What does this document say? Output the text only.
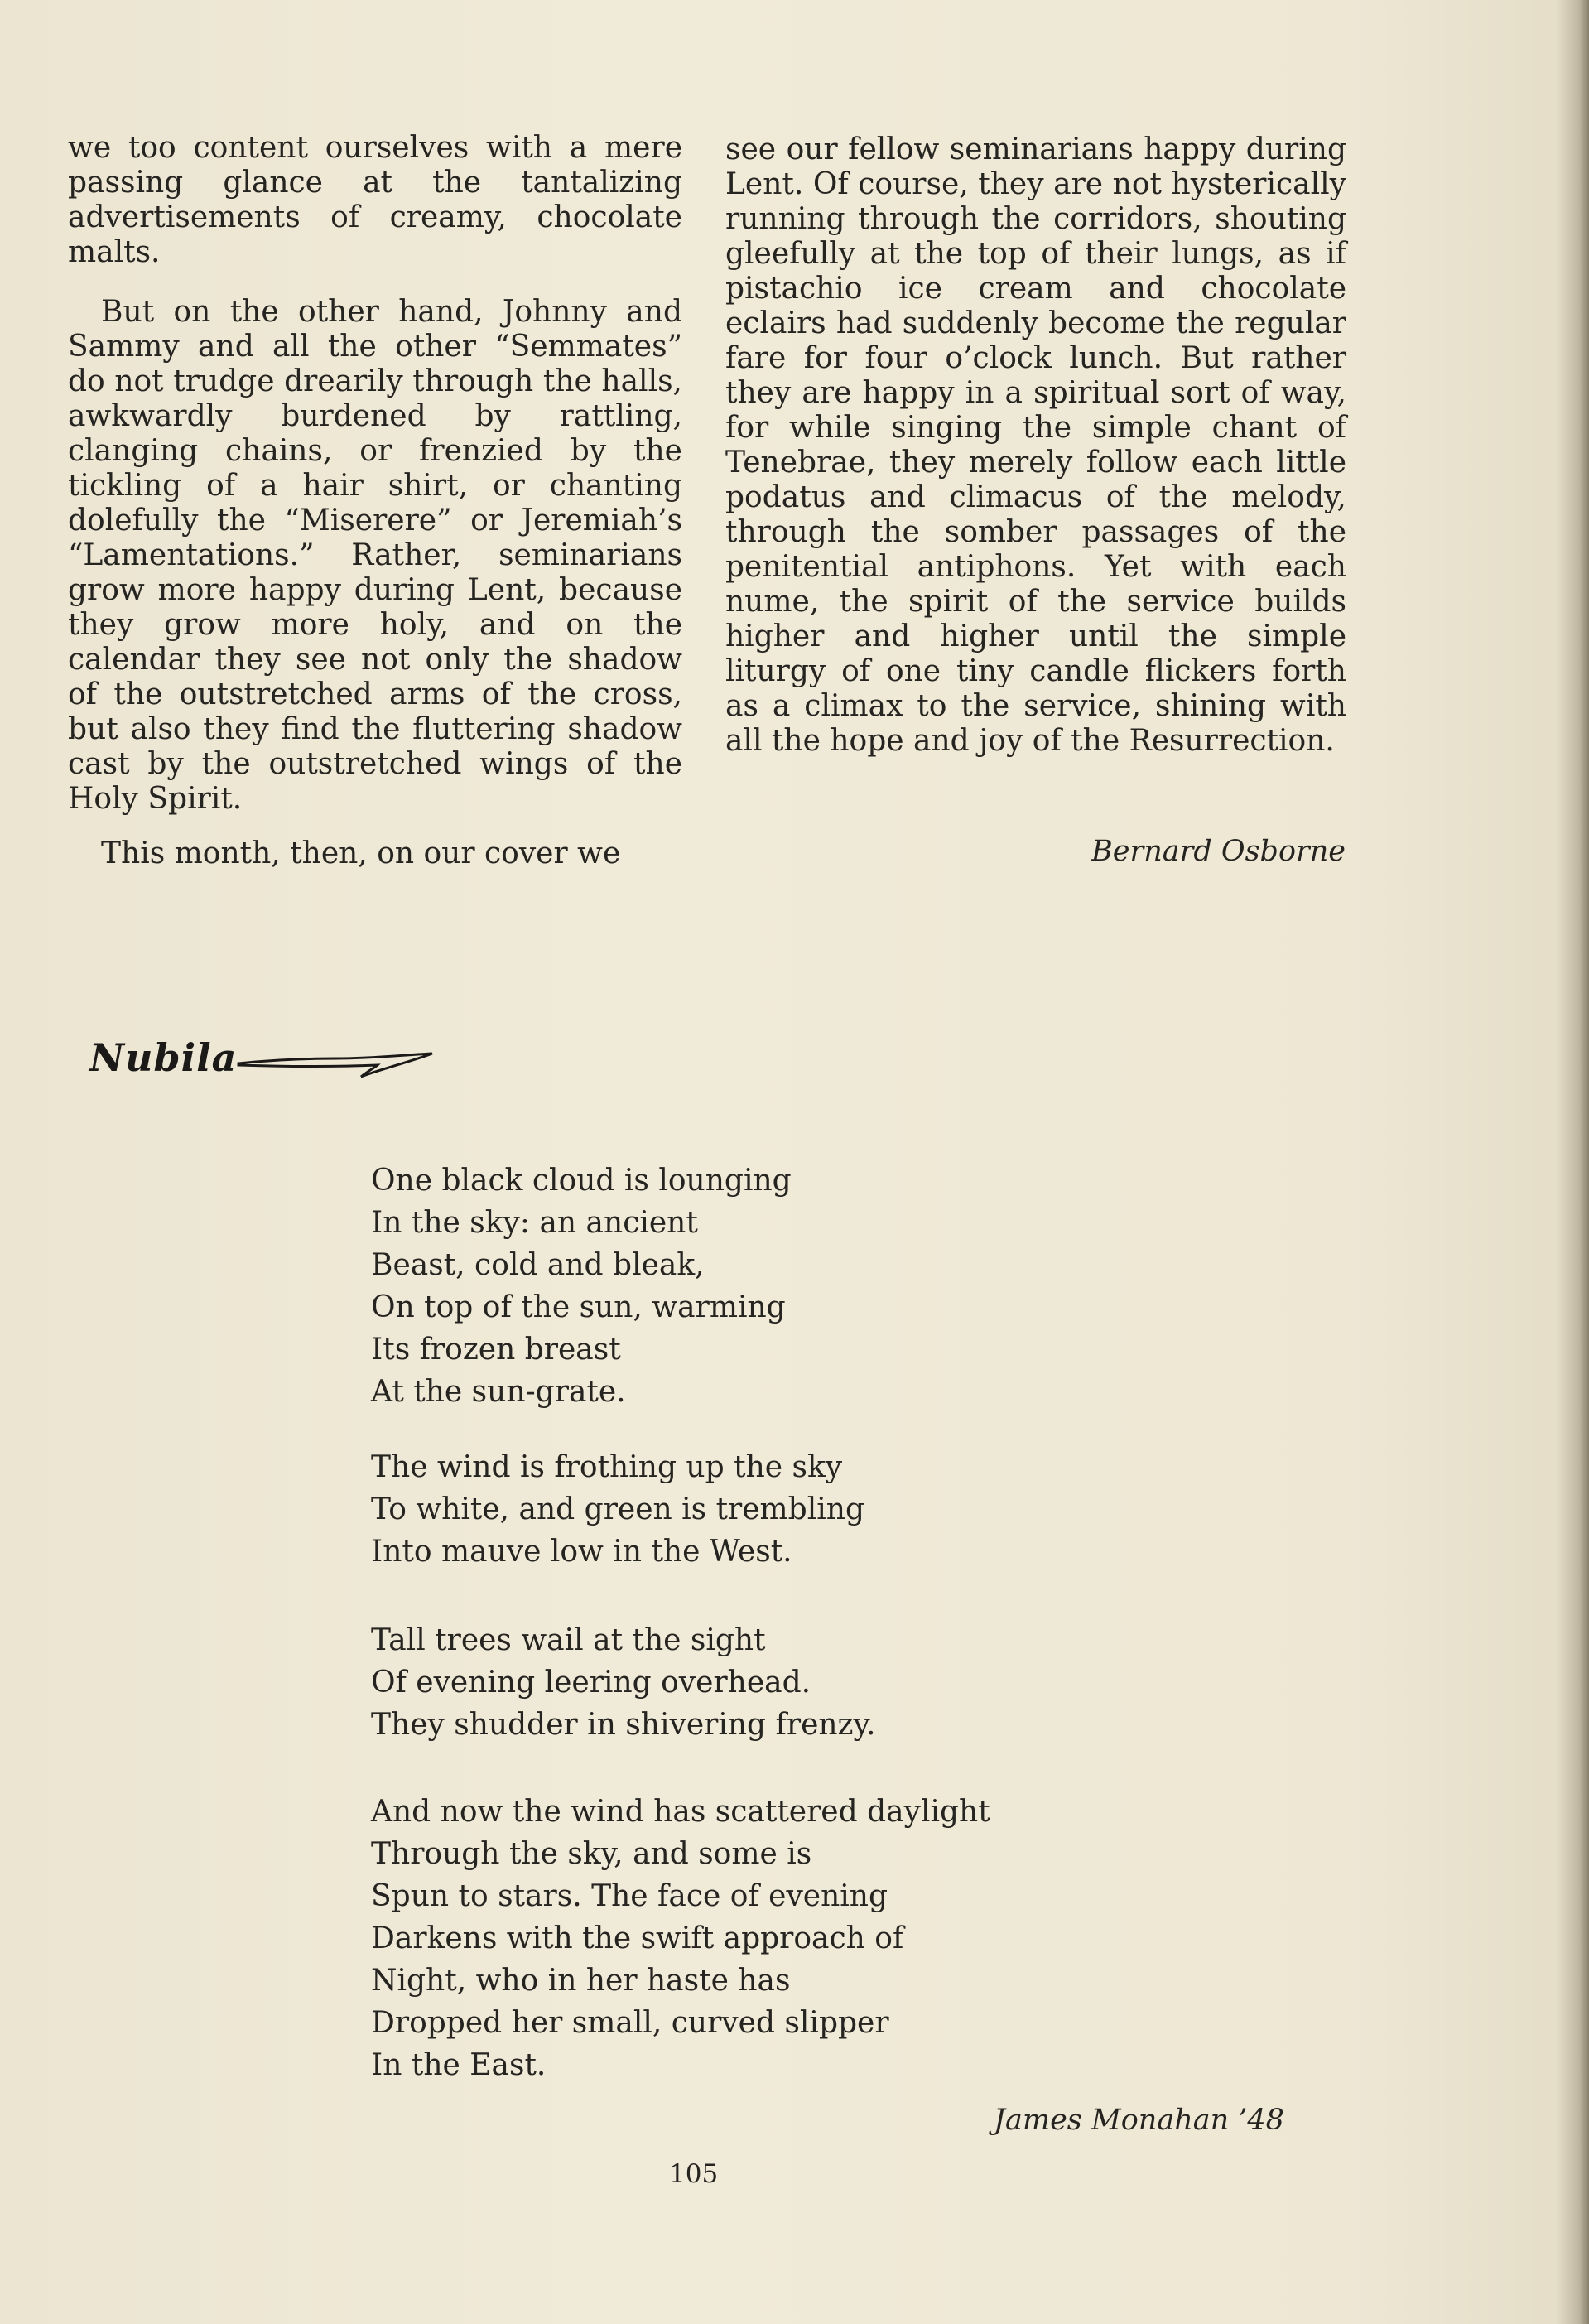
we too content ourselves with a mere passing glance at the tantalizing advertisements of creamy, chocolate malts.

But on the other hand, Johnny and Sammy and all the other “Semmates” do not trudge drearily through the halls, awkwardly burdened by rattling, clanging chains, or frenzied by the tickling of a hair shirt, or chanting dolefully the “Miserere” or Jeremiah’s “Lamentations.” Rather, seminarians grow more happy during Lent, because they grow more holy, and on the calendar they see not only the shadow of the outstretched arms of the cross, but also they find the fluttering shadow cast by the outstretched wings of the Holy Spirit.

This month, then, on our cover we

see our fellow seminarians happy during Lent. Of course, they are not hysterically running through the corridors, shouting gleefully at the top of their lungs, as if pistachio ice cream and chocolate eclairs had suddenly become the regular fare for four o’clock lunch. But rather they are happy in a spiritual sort of way, for while singing the simple chant of Tenebrae, they merely follow each little podatus and climacus of the melody, through the somber passages of the penitential antiphons. Yet with each nume, the spirit of the service builds higher and higher until the simple liturgy of one tiny candle flickers forth as a climax to the service, shining with all the hope and joy of the Resurrection.

Bernard Osborne
Nubila
One black cloud is lounging
In the sky: an ancient
Beast, cold and bleak,
On top of the sun, warming
Its frozen breast
At the sun-grate.
The wind is frothing up the sky
To white, and green is trembling
Into mauve low in the West.
Tall trees wail at the sight
Of evening leering overhead.
They shudder in shivering frenzy.
And now the wind has scattered daylight
Through the sky, and some is
Spun to stars. The face of evening
Darkens with the swift approach of
Night, who in her haste has
Dropped her small, curved slipper
In the East.
James Monahan ’48
105
